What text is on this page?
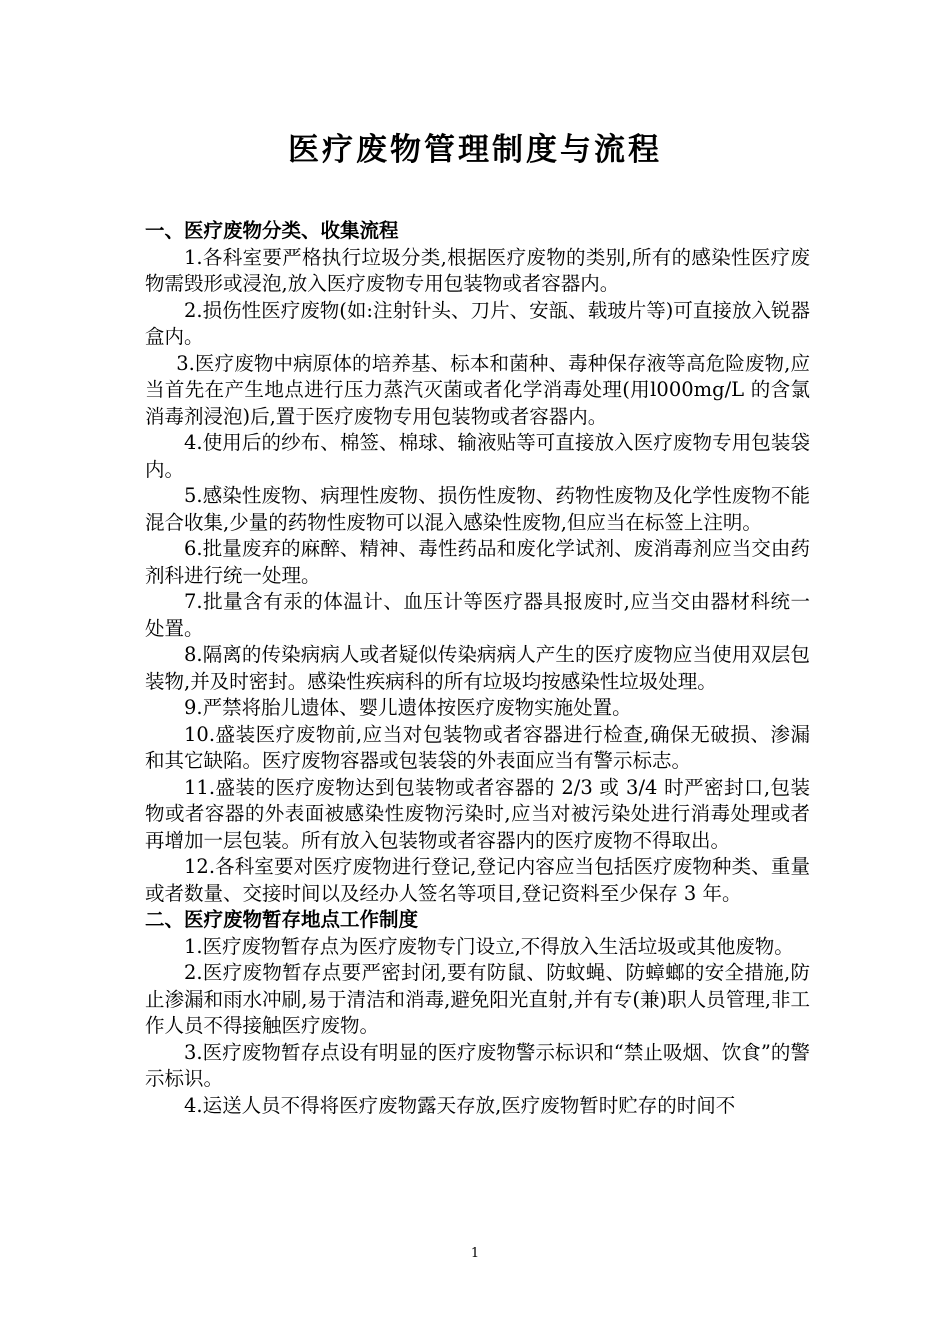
医疗废物管理制度与流程

一、医疗废物分类、收集流程

1.各科室要严格执行垃圾分类,根据医疗废物的类别,所有的感染性医疗废物需毁形或浸泡,放入医疗废物专用包装物或者容器内。

2.损伤性医疗废物(如:注射针头、刀片、安瓿、载玻片等)可直接放入锐器盒内。

3.医疗废物中病原体的培养基、标本和菌种、毒种保存液等高危险废物,应当首先在产生地点进行压力蒸汽灭菌或者化学消毒处理(用l000mg/L 的含氯消毒剂浸泡)后,置于医疗废物专用包装物或者容器内。

4.使用后的纱布、棉签、棉球、输液贴等可直接放入医疗废物专用包装袋内。

5.感染性废物、病理性废物、损伤性废物、药物性废物及化学性废物不能混合收集,少量的药物性废物可以混入感染性废物,但应当在标签上注明。

6.批量废弃的麻醉、精神、毒性药品和废化学试剂、废消毒剂应当交由药剂科进行统一处理。

7.批量含有汞的体温计、血压计等医疗器具报废时,应当交由器材科统一处置。

8.隔离的传染病病人或者疑似传染病病人产生的医疗废物应当使用双层包装物,并及时密封。感染性疾病科的所有垃圾均按感染性垃圾处理。

9.严禁将胎儿遗体、婴儿遗体按医疗废物实施处置。

10.盛装医疗废物前,应当对包装物或者容器进行检查,确保无破损、渗漏和其它缺陷。医疗废物容器或包装袋的外表面应当有警示标志。

11.盛装的医疗废物达到包装物或者容器的 2/3 或 3/4 时严密封口,包装物或者容器的外表面被感染性废物污染时,应当对被污染处进行消毒处理或者再增加一层包装。所有放入包装物或者容器内的医疗废物不得取出。

12.各科室要对医疗废物进行登记,登记内容应当包括医疗废物种类、重量或者数量、交接时间以及经办人签名等项目,登记资料至少保存 3 年。

二、医疗废物暂存地点工作制度

1.医疗废物暂存点为医疗废物专门设立,不得放入生活垃圾或其他废物。

2.医疗废物暂存点要严密封闭,要有防鼠、防蚊蝇、防蟑螂的安全措施,防止渗漏和雨水冲刷,易于清洁和消毒,避免阳光直射,并有专(兼)职人员管理,非工作人员不得接触医疗废物。

3.医疗废物暂存点设有明显的医疗废物警示标识和“禁止吸烟、饮食”的警示标识。

4.运送人员不得将医疗废物露天存放,医疗废物暂时贮存的时间不

1
